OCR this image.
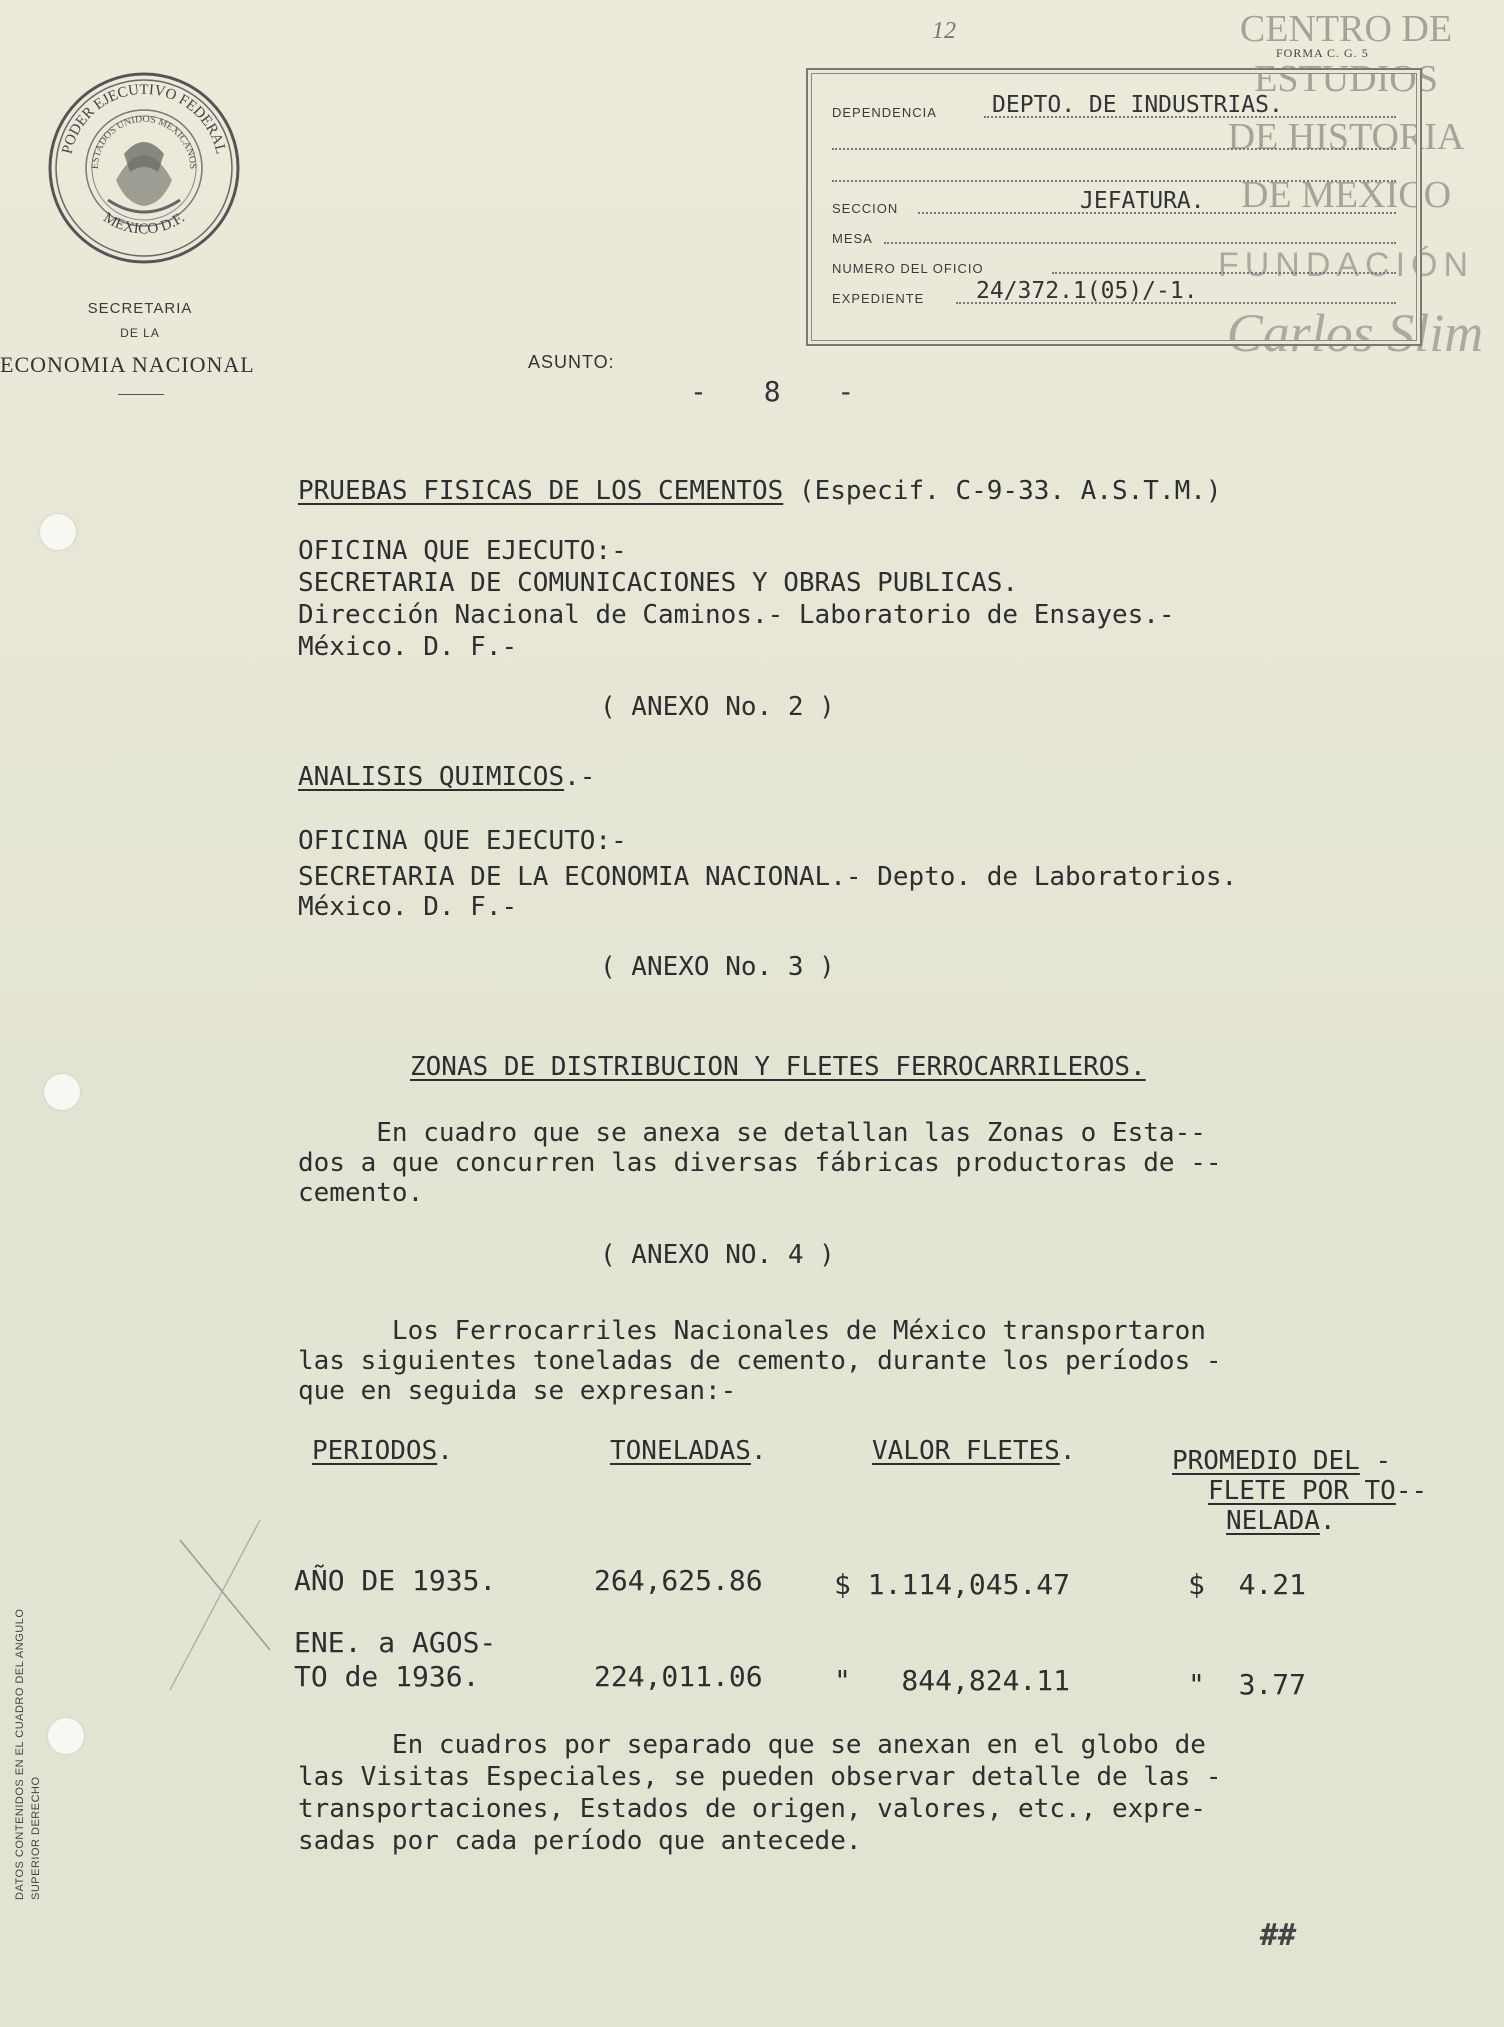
CENTRO DE
ESTUDIOS
DE HISTORIA
DE MEXICO
FUNDACIÓN
Carlos Slim
PODER EJECUTIVO FEDERAL
MEXICO D.F.
ESTADOS UNIDOS MEXICANOS
SECRETARIA
DE LA
ECONOMIA NACIONAL	ASUNTO:
- 8 -
12
FORMA C. G. 5
DEPENDENCIA DEPTO. DE INDUSTRIAS.
SECCION	JEFATURA.
MESA
NUMERO DEL OFICIO
EXPEDIENTE 24/372.1(05)/-1.
PRUEBAS FISICAS DE LOS CEMENTOS (Especif. C-9-33. A.S.T.M.)
OFICINA QUE EJECUTO:-
SECRETARIA DE COMUNICACIONES Y OBRAS PUBLICAS.
Dirección Nacional de Caminos.- Laboratorio de Ensayes.-
México. D. F.-
( ANEXO No. 2 )
ANALISIS QUIMICOS.-
OFICINA QUE EJECUTO:-
SECRETARIA DE LA ECONOMIA NACIONAL.- Depto. de Laboratorios.
México. D. F.-
( ANEXO No. 3 )
ZONAS DE DISTRIBUCION Y FLETES FERROCARRILEROS.
En cuadro que se anexa se detallan las Zonas o Esta--
dos a que concurren las diversas fábricas productoras de --
cemento.
( ANEXO NO. 4 )
Los Ferrocarriles Nacionales de México transportaron
las siguientes toneladas de cemento, durante los períodos -
que en seguida se expresan:-
PERIODOS.	TONELADAS.	VALOR FLETES.	PROMEDIO DEL -
FLETE POR TO--
NELADA.
AÑO DE 1935.	264,625.86	$ 1.114,045.47	$  4.21
ENE. a AGOS-
TO de 1936.	224,011.06	"   844,824.11	"  3.77
En cuadros por separado que se anexan en el globo de
las Visitas Especiales, se pueden observar detalle de las -
transportaciones, Estados de origen, valores, etc., expre-
sadas por cada período que antecede.
##
DATOS CONTENIDOS EN EL CUADRO DEL ANGULO SUPERIOR DERECHO
